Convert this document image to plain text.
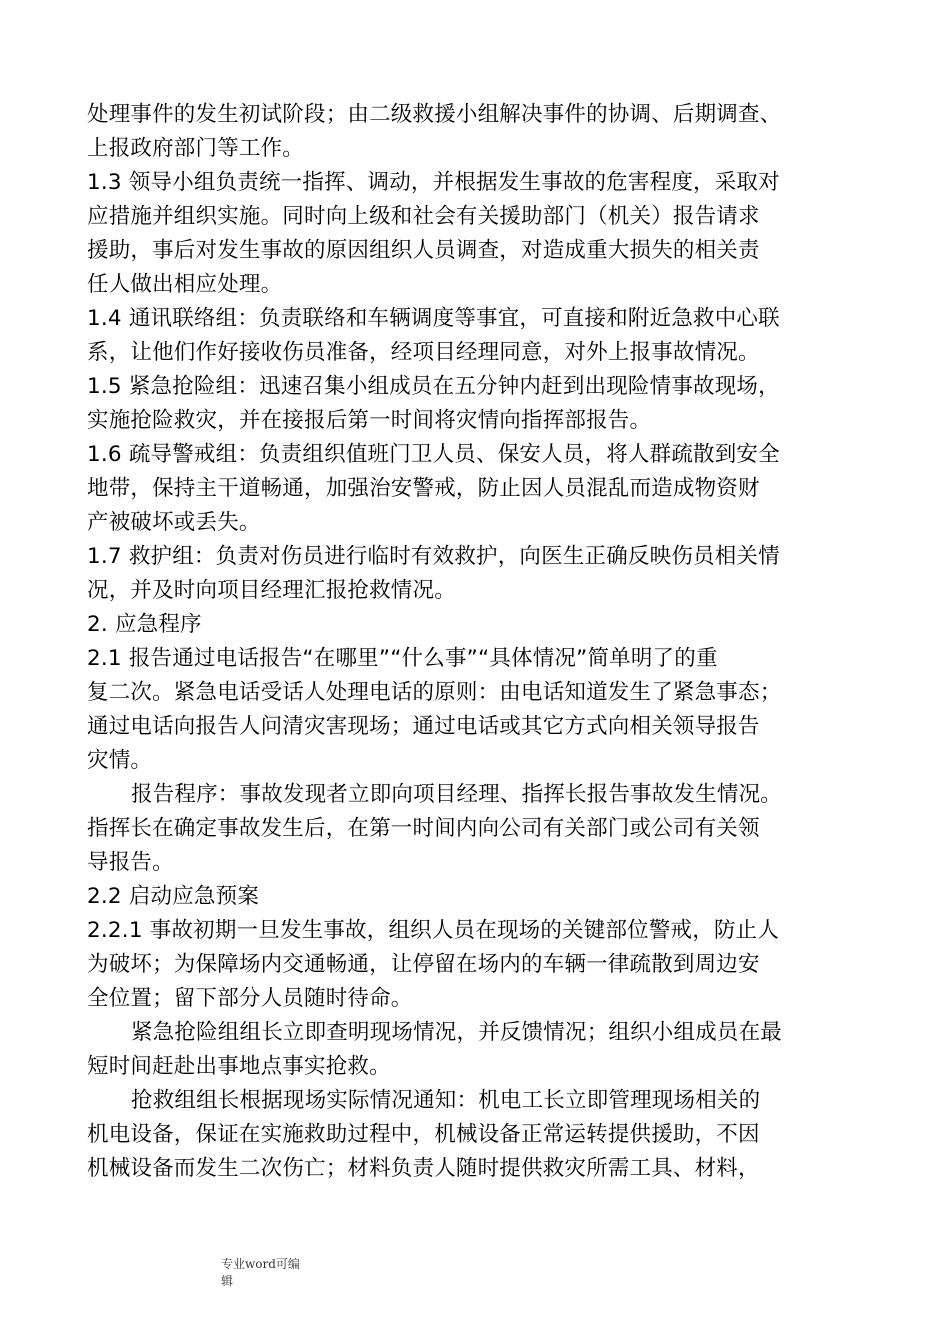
处理事件的发生初试阶段；由二级救援小组解决事件的协调、后期调查、
上报政府部门等工作。
1.3 领导小组负责统一指挥、调动，并根据发生事故的危害程度，采取对
应措施并组织实施。同时向上级和社会有关援助部门（机关）报告请求
援助，事后对发生事故的原因组织人员调查，对造成重大损失的相关责
任人做出相应处理。
1.4 通讯联络组：负责联络和车辆调度等事宜，可直接和附近急救中心联
系，让他们作好接收伤员准备，经项目经理同意，对外上报事故情况。
1.5 紧急抢险组：迅速召集小组成员在五分钟内赶到出现险情事故现场，
实施抢险救灾，并在接报后第一时间将灾情向指挥部报告。
1.6 疏导警戒组：负责组织值班门卫人员、保安人员，将人群疏散到安全
地带，保持主干道畅通，加强治安警戒，防止因人员混乱而造成物资财
产被破坏或丢失。
1.7 救护组：负责对伤员进行临时有效救护，向医生正确反映伤员相关情
况，并及时向项目经理汇报抢救情况。
2. 应急程序
2.1 报告通过电话报告“在哪里”“什么事”“具体情况”简单明了的重
复二次。紧急电话受话人处理电话的原则：由电话知道发生了紧急事态；
通过电话向报告人问清灾害现场；通过电话或其它方式向相关领导报告
灾情。
报告程序：事故发现者立即向项目经理、指挥长报告事故发生情况。
指挥长在确定事故发生后，在第一时间内向公司有关部门或公司有关领
导报告。
2.2 启动应急预案
2.2.1 事故初期一旦发生事故，组织人员在现场的关键部位警戒，防止人
为破坏；为保障场内交通畅通，让停留在场内的车辆一律疏散到周边安
全位置；留下部分人员随时待命。
紧急抢险组组长立即查明现场情况，并反馈情况；组织小组成员在最
短时间赶赴出事地点事实抢救。
抢救组组长根据现场实际情况通知：机电工长立即管理现场相关的
机电设备，保证在实施救助过程中，机械设备正常运转提供援助，不因
机械设备而发生二次伤亡；材料负责人随时提供救灾所需工具、材料，
专业word可编
辑
